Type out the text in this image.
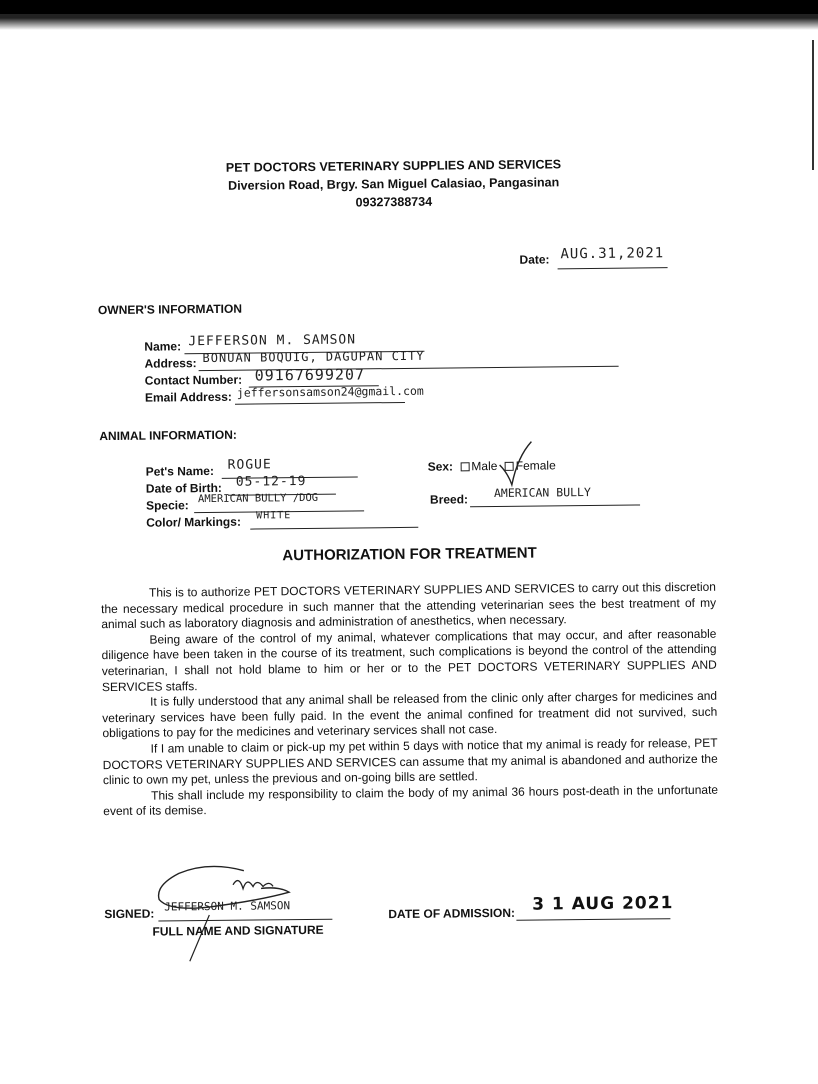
PET DOCTORS VETERINARY SUPPLIES AND SERVICES
Diversion Road, Brgy. San Miguel Calasiao, Pangasinan
09327388734
Date: AUG.31,2021
OWNER'S INFORMATION
Name: JEFFERSON M. SAMSON
Address: BONUAN BOQUIG, DAGUPAN CITY
Contact Number: 09167699207
Email Address: jeffersonsamson24@gmail.com
ANIMAL INFORMATION:
Pet's Name: ROGUE
Date of Birth: 05-12-19
Specie: AMERICAN BULLY /DOG
Color/ Markings: WHITE
Sex: Male Female
Breed: AMERICAN BULLY
AUTHORIZATION FOR TREATMENT

This is to authorize PET DOCTORS VETERINARY SUPPLIES AND SERVICES to carry out this discretion the necessary medical procedure in such manner that the attending veterinarian sees the best treatment of my animal such as laboratory diagnosis and administration of anesthetics, when necessary.

Being aware of the control of my animal, whatever complications that may occur, and after reasonable diligence have been taken in the course of its treatment, such complications is beyond the control of the attending veterinarian, I shall not hold blame to him or her or to the PET DOCTORS VETERINARY SUPPLIES AND SERVICES staffs.

It is fully understood that any animal shall be released from the clinic only after charges for medicines and veterinary services have been fully paid. In the event the animal confined for treatment did not survived, such obligations to pay for the medicines and veterinary services shall not case.

If I am unable to claim or pick-up my pet within 5 days with notice that my animal is ready for release, PET DOCTORS VETERINARY SUPPLIES AND SERVICES can assume that my animal is abandoned and authorize the clinic to own my pet, unless the previous and on-going bills are settled.

This shall include my responsibility to claim the body of my animal 36 hours post-death in the unfortunate event of its demise.

SIGNED:
JEFFERSON M. SAMSON
FULL NAME AND SIGNATURE
DATE OF ADMISSION: 3 1 AUG 2021
